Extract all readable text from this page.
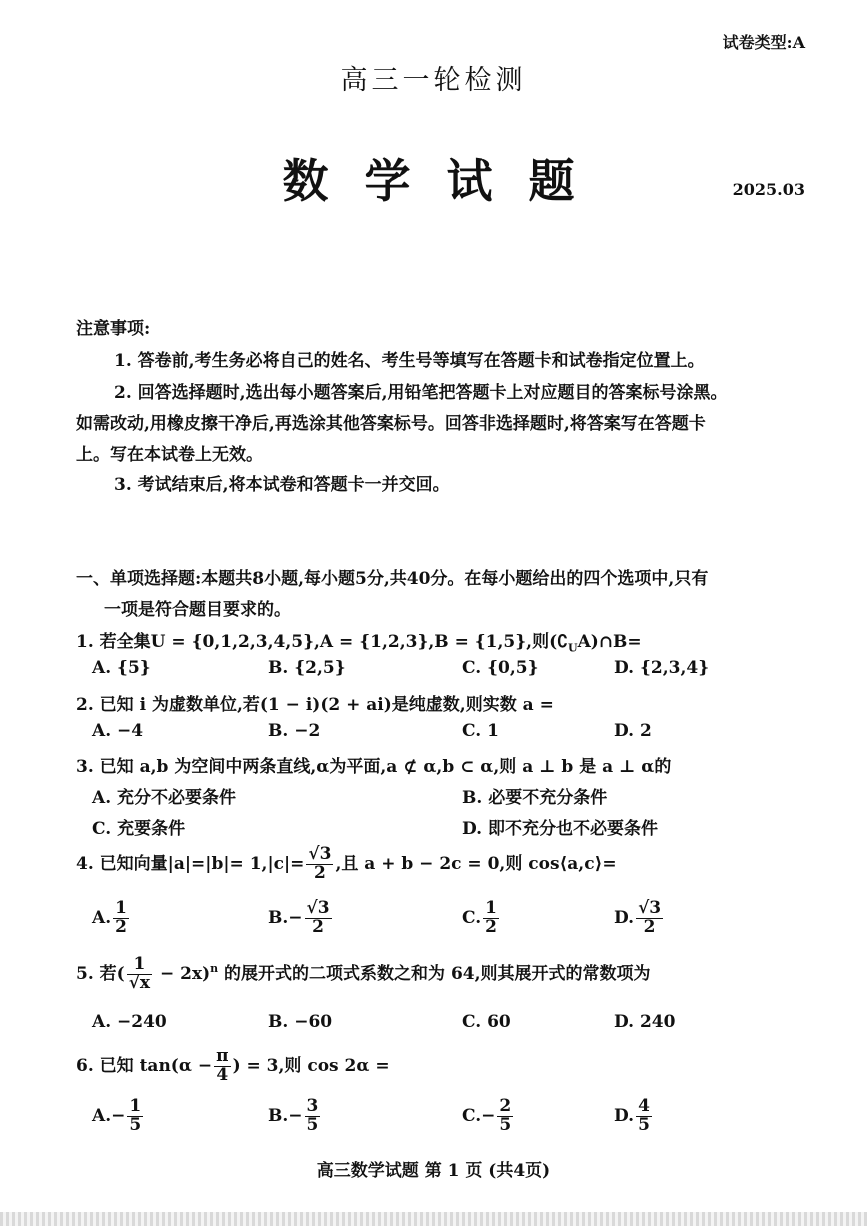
试卷类型:A
高三一轮检测
数 学 试 题	2025.03
注意事项:
1. 答卷前,考生务必将自己的姓名、考生号等填写在答题卡和试卷指定位置上。
2. 回答选择题时,选出每小题答案后,用铅笔把答题卡上对应题目的答案标号涂黑。
如需改动,用橡皮擦干净后,再选涂其他答案标号。回答非选择题时,将答案写在答题卡
上。写在本试卷上无效。
3. 考试结束后,将本试卷和答题卡一并交回。
一、单项选择题:本题共8小题,每小题5分,共40分。在每小题给出的四个选项中,只有
一项是符合题目要求的。
1. 若全集U = {0,1,2,3,4,5},A = {1,2,3},B = {1,5},则$(∁_UA)\cap B=$
A. {5}	B. {2,5}	C. {0,5}	D. {2,3,4}
2. 已知 i 为虚数单位,若(1 − i)(2 + ai)是纯虚数,则实数 a =
A. −4	B. −2	C. 1	D. 2
3. 已知 a,b 为空间中两条直线,α为平面,a ⊄ α,b ⊂ α,则 a ⊥ b 是 a ⊥ α的
A. 充分不必要条件	B. 必要不充分条件
C. 充要条件	D. 即不充分也不必要条件
4. 已知向量$|a|=|b|= 1,|c|= \frac{√3}{2}$ ,且 a + b − 2c = 0,则 cos⟨a,c⟩=
A. $\frac{1}{2}$	$B.- \frac{√3}{2}$	C. $\frac{1}{2}$	D. $\frac{√3}{2}$
5. 若( $\frac{1}{√x} - 2x)^n$ 的展开式的二项式系数之和为 64,则其展开式的常数项为
A. −240	B. −60	C. 60	D. 240
6. 已知 $\tan(\alpha - \frac{\pi}{4}$ ) = 3,则 cos 2α =
$A.- \frac{1}{5}$	$B.- \frac{3}{5}$	$C.- \frac{2}{5}$	D. $\frac{4}{5}$
高三数学试题 第 1 页 (共4页)
